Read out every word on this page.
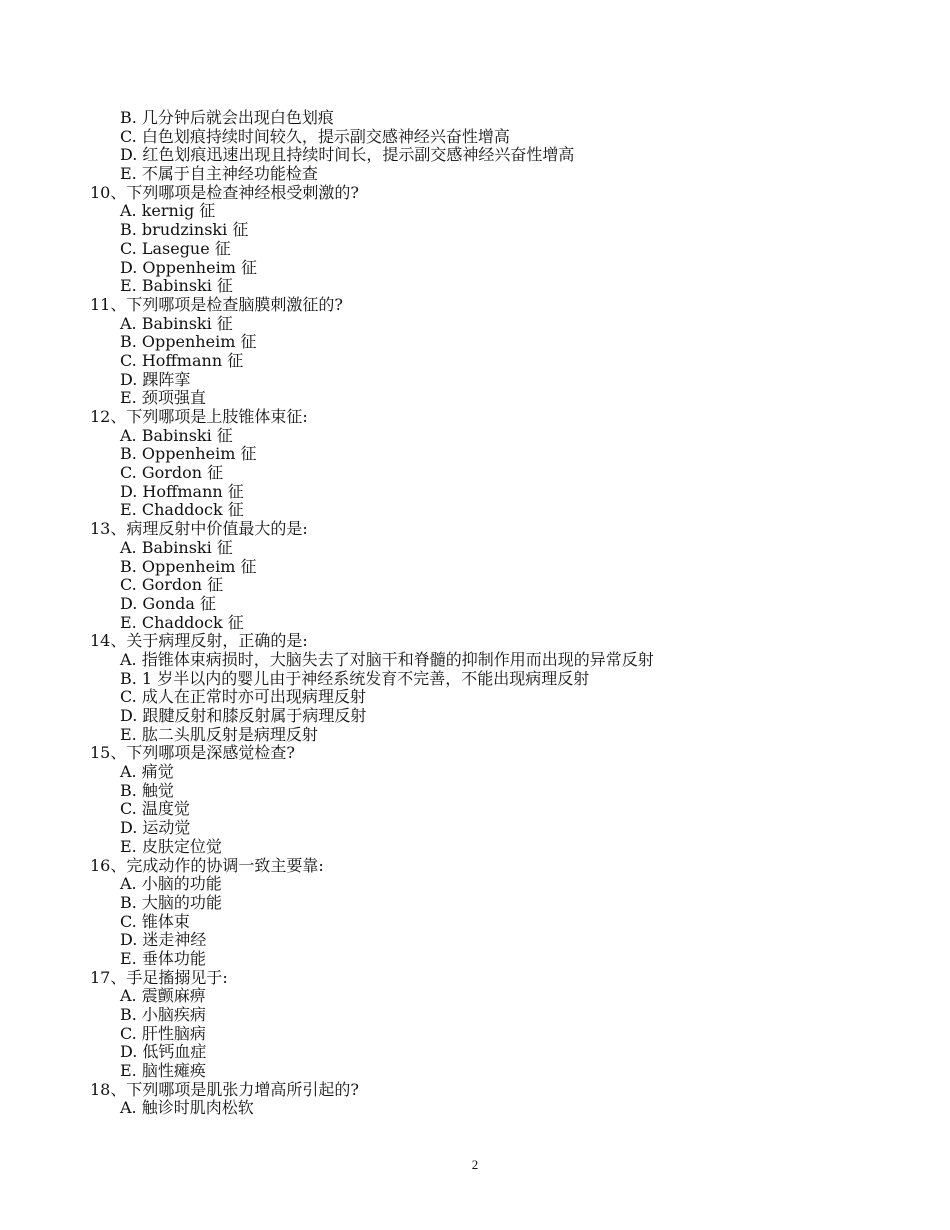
B. 几分钟后就会出现白色划痕
C. 白色划痕持续时间较久，提示副交感神经兴奋性增高
D. 红色划痕迅速出现且持续时间长，提示副交感神经兴奋性增高
E. 不属于自主神经功能检查
10、下列哪项是检查神经根受刺激的?
A. kernig 征
B. brudzinski 征
C. Lasegue 征
D. Oppenheim 征
E. Babinski 征
11、下列哪项是检查脑膜刺激征的?
A. Babinski 征
B. Oppenheim 征
C. Hoffmann 征
D. 踝阵挛
E. 颈项强直
12、下列哪项是上肢锥体束征:
A. Babinski 征
B. Oppenheim 征
C. Gordon 征
D. Hoffmann 征
E. Chaddock 征
13、病理反射中价值最大的是:
A. Babinski 征
B. Oppenheim 征
C. Gordon 征
D. Gonda 征
E. Chaddock 征
14、关于病理反射，正确的是:
A. 指锥体束病损时，大脑失去了对脑干和脊髓的抑制作用而出现的异常反射
B. 1 岁半以内的婴儿由于神经系统发育不完善，不能出现病理反射
C. 成人在正常时亦可出现病理反射
D. 跟腱反射和膝反射属于病理反射
E. 肱二头肌反射是病理反射
15、下列哪项是深感觉检查?
A. 痛觉
B. 触觉
C. 温度觉
D. 运动觉
E. 皮肤定位觉
16、完成动作的协调一致主要靠:
A. 小脑的功能
B. 大脑的功能
C. 锥体束
D. 迷走神经
E. 垂体功能
17、手足搐搦见于:
A. 震颤麻痹
B. 小脑疾病
C. 肝性脑病
D. 低钙血症
E. 脑性瘫痪
18、下列哪项是肌张力增高所引起的?
A. 触诊时肌肉松软
2
